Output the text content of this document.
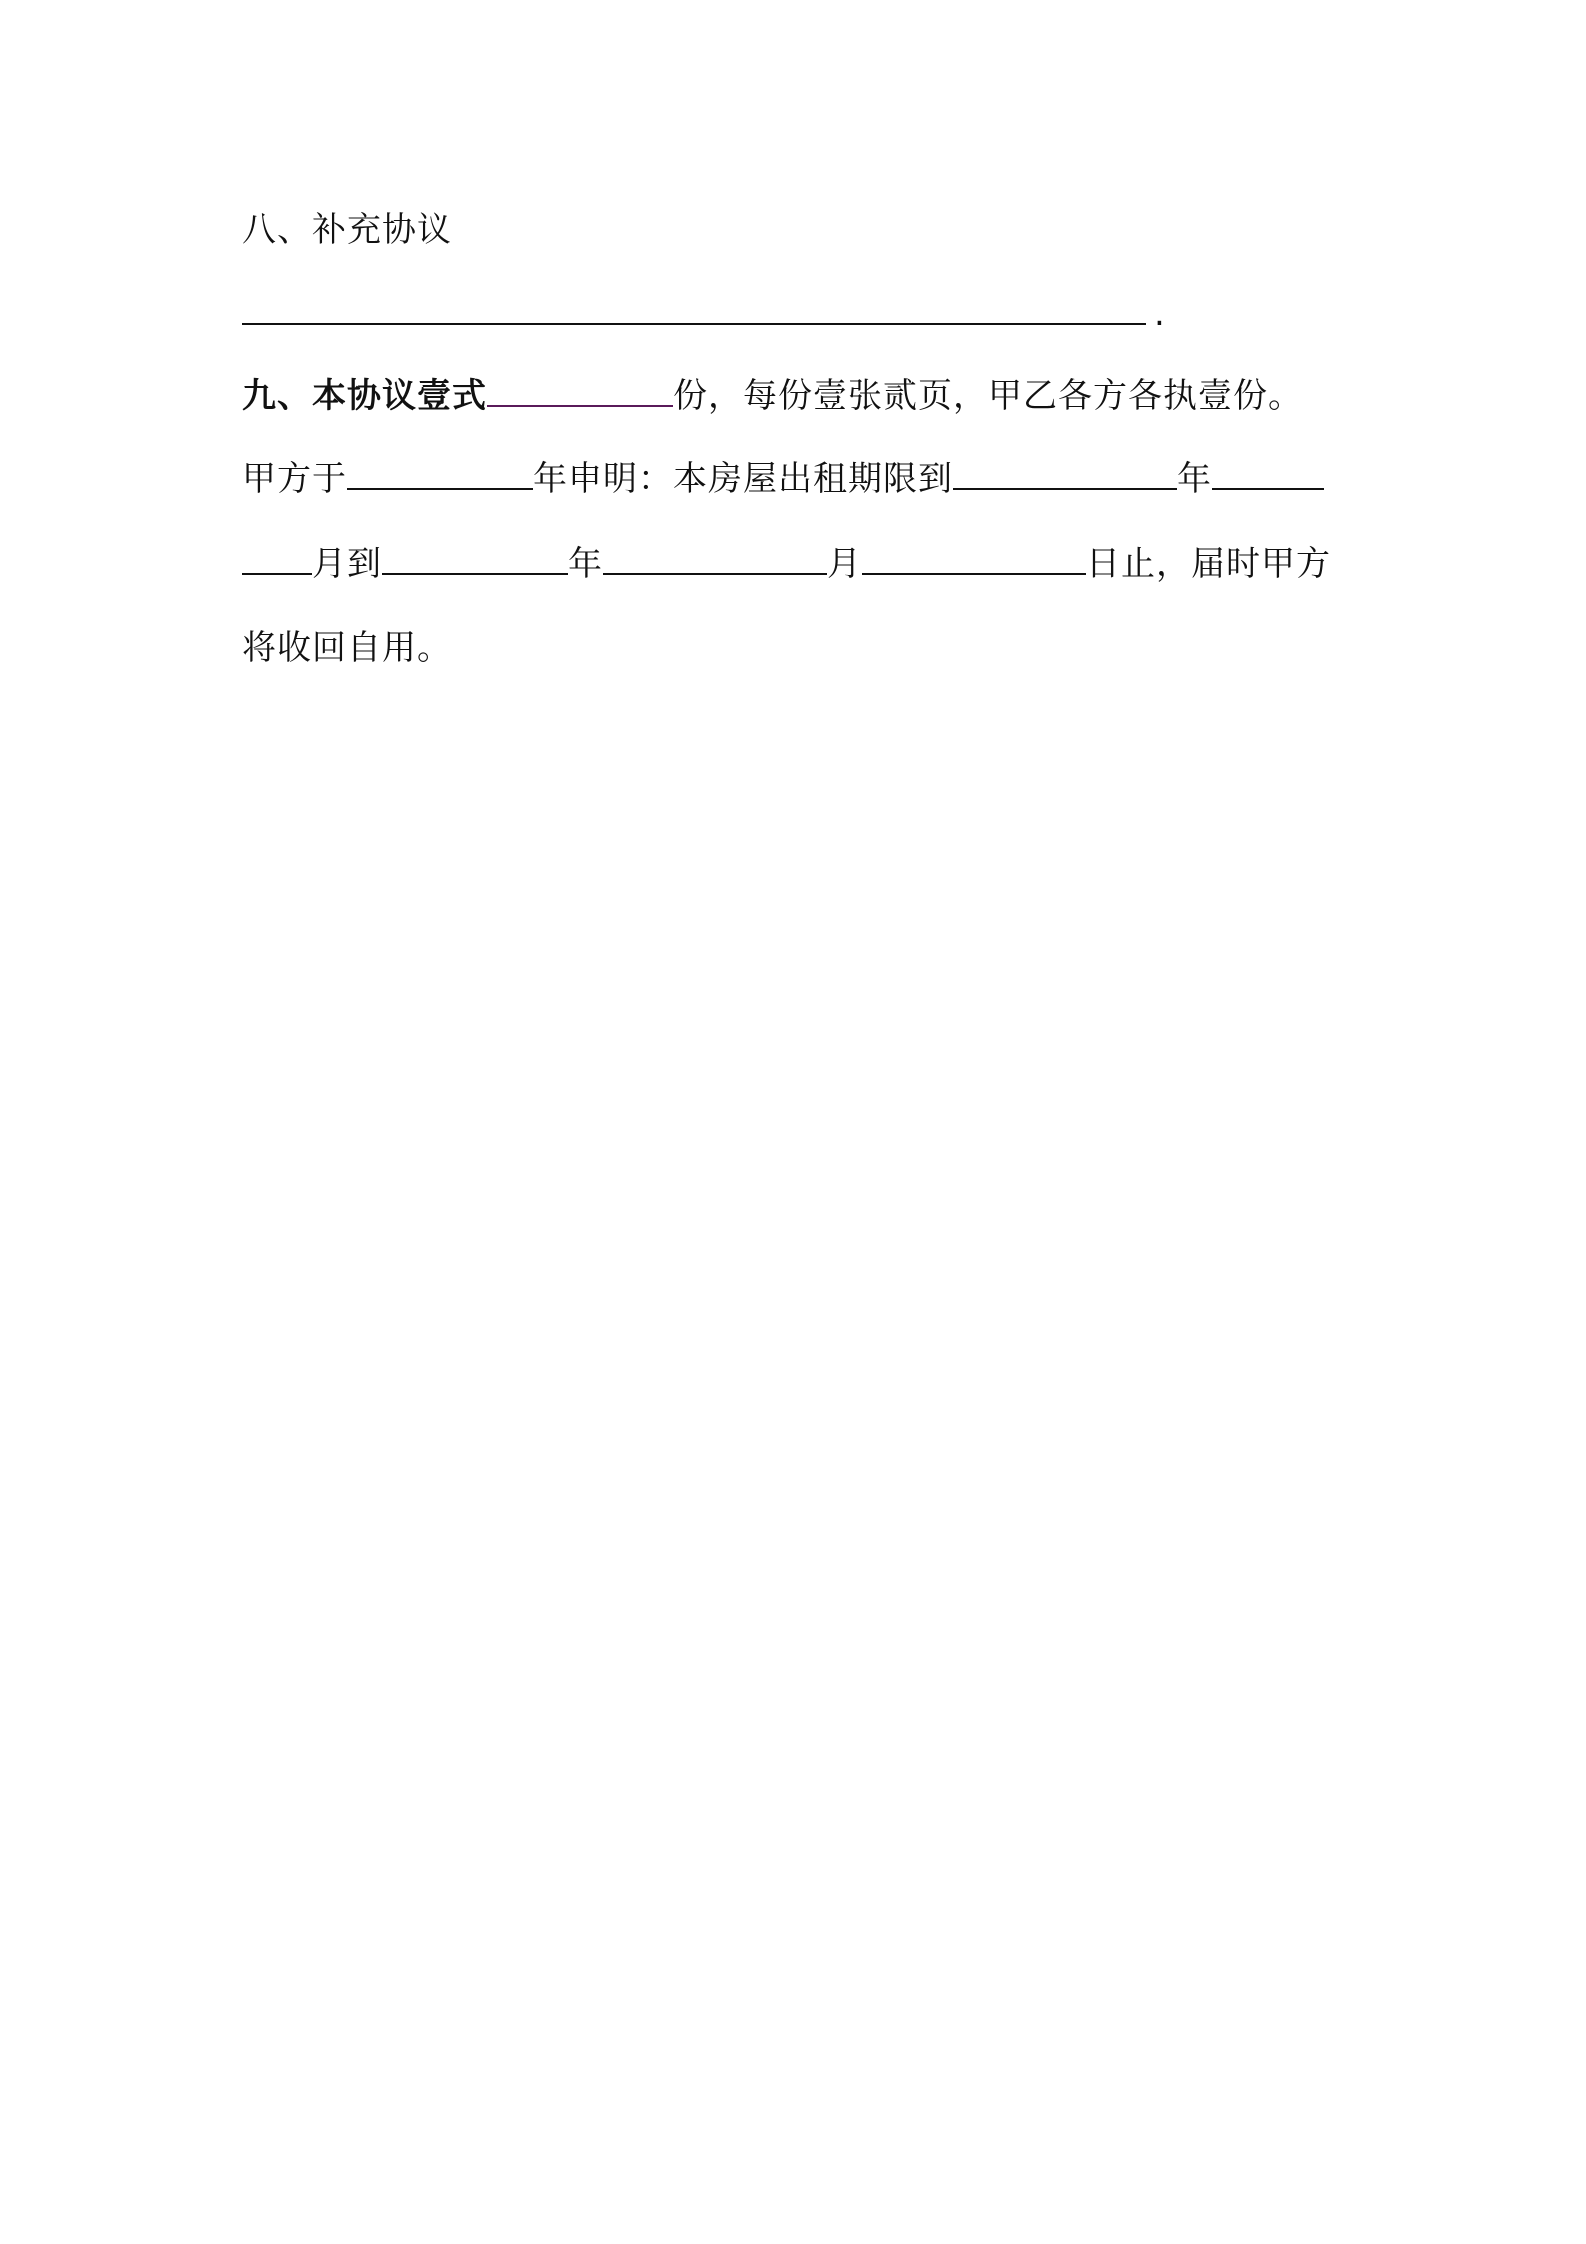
八、补充协议
.
九、本协议壹式	份，每份壹张贰页，甲乙各方各执壹份。
甲方于	年申明：本房屋出租期限到	年
月到	年	月	日止，届时甲方
将收回自用。
